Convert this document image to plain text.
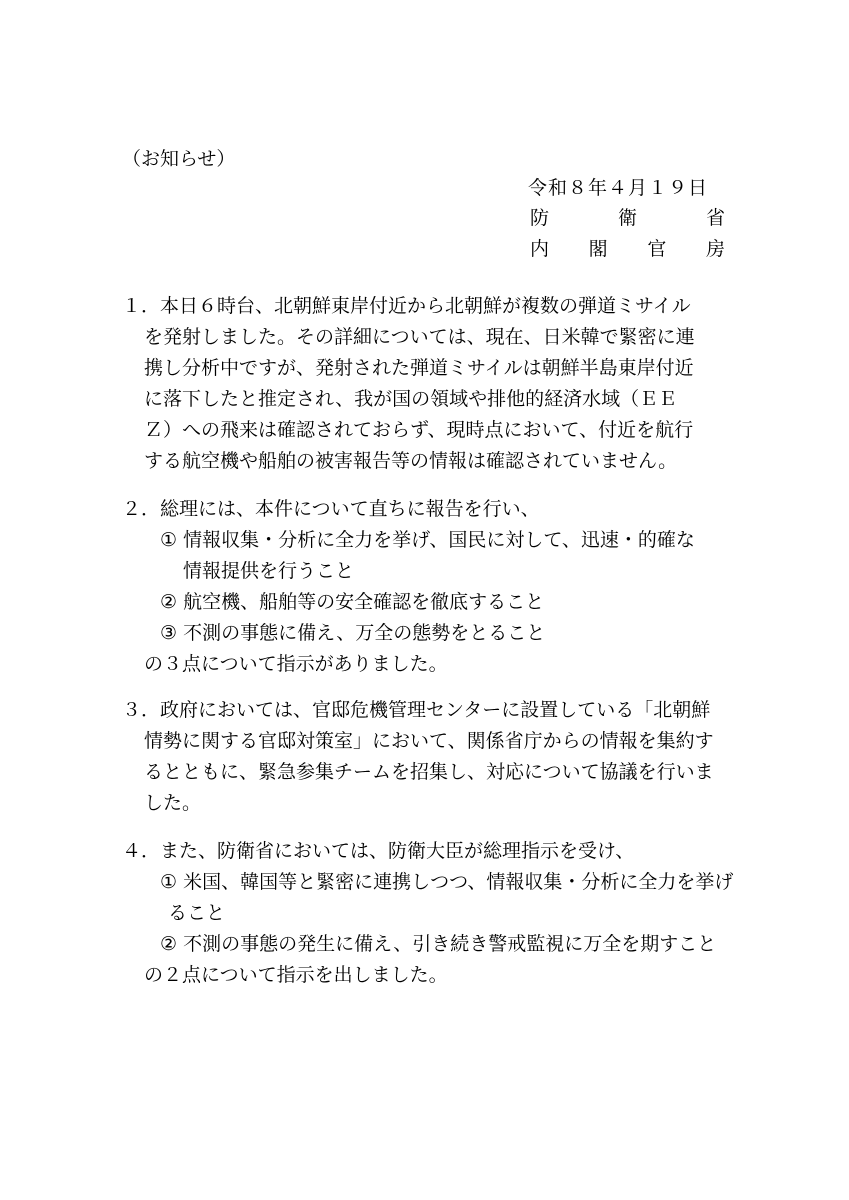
（お知らせ）
令和８年４月１９日
防	衛	省
内 閣 官 房
１．本日６時台、北朝鮮東岸付近から北朝鮮が複数の弾道ミサイル
を発射しました。その詳細については、現在、日米韓で緊密に連
携し分析中ですが、発射された弾道ミサイルは朝鮮半島東岸付近
に落下したと推定され、我が国の領域や排他的経済水域（ＥＥ
Ｚ）への飛来は確認されておらず、現時点において、付近を航行
する航空機や船舶の被害報告等の情報は確認されていません。
２．総理には、本件について直ちに報告を行い、
① 情報収集・分析に全力を挙げ、国民に対して、迅速・的確な
情報提供を行うこと
② 航空機、船舶等の安全確認を徹底すること
③ 不測の事態に備え、万全の態勢をとること
の３点について指示がありました。
３．政府においては、官邸危機管理センターに設置している「北朝鮮
情勢に関する官邸対策室」において、関係省庁からの情報を集約す
るとともに、緊急参集チームを招集し、対応について協議を行いま
した。
４．また、防衛省においては、防衛大臣が総理指示を受け、
① 米国、韓国等と緊密に連携しつつ、情報収集・分析に全力を挙げ
ること
② 不測の事態の発生に備え、引き続き警戒監視に万全を期すこと
の２点について指示を出しました。
